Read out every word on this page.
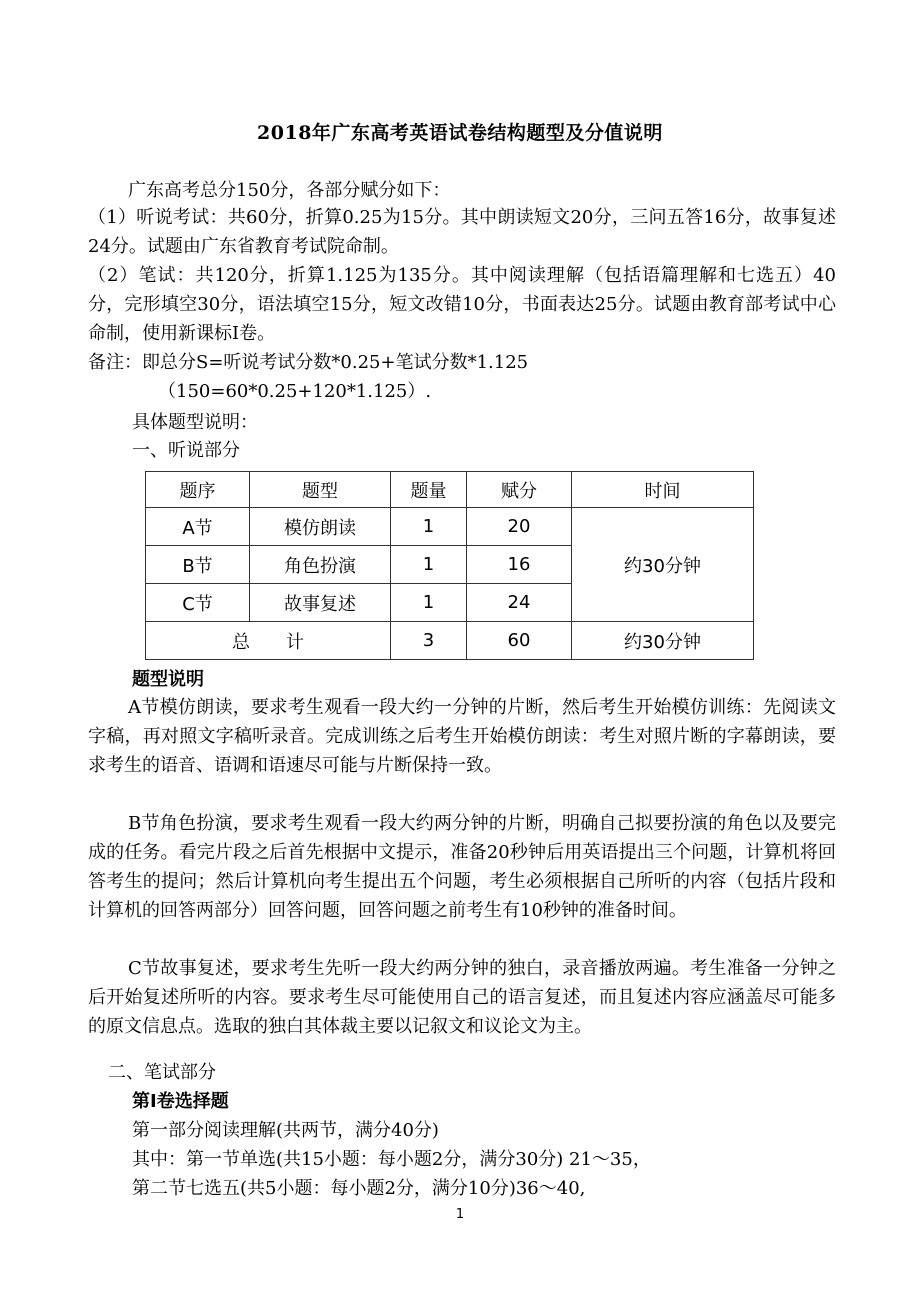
2018年广东高考英语试卷结构题型及分值说明
广东高考总分150分，各部分赋分如下：

（1）听说考试：共60分，折算0.25为15分。其中朗读短文20分，三问五答16分，故事复述24分。试题由广东省教育考试院命制。

（2）笔试：共120分，折算1.125为135分。其中阅读理解（包括语篇理解和七选五）40分，完形填空30分，语法填空15分，短文改错10分，书面表达25分。试题由教育部考试中心命制，使用新课标Ⅰ卷。

备注：即总分S=听说考试分数*0.25+笔试分数*1.125
（150=60*0.25+120*1.125）.
具体题型说明：
一、听说部分
题序	题型	题量	赋分	时间
A节	模仿朗读	1	20	约30分钟
B节	角色扮演	1	16	
C节	故事复述	1	24	
总　　计		3	60	约30分钟
题型说明

A节模仿朗读，要求考生观看一段大约一分钟的片断，然后考生开始模仿训练：先阅读文字稿，再对照文字稿听录音。完成训练之后考生开始模仿朗读：考生对照片断的字幕朗读，要求考生的语音、语调和语速尽可能与片断保持一致。

B节角色扮演，要求考生观看一段大约两分钟的片断，明确自己拟要扮演的角色以及要完成的任务。看完片段之后首先根据中文提示，准备20秒钟后用英语提出三个问题，计算机将回答考生的提问；然后计算机向考生提出五个问题，考生必须根据自己所听的内容（包括片段和计算机的回答两部分）回答问题，回答问题之前考生有10秒钟的准备时间。

C节故事复述，要求考生先听一段大约两分钟的独白，录音播放两遍。考生准备一分钟之后开始复述所听的内容。要求考生尽可能使用自己的语言复述，而且复述内容应涵盖尽可能多的原文信息点。选取的独白其体裁主要以记叙文和议论文为主。

二、笔试部分
第Ⅰ卷选择题
第一部分阅读理解(共两节，满分40分)
其中：第一节单选(共15小题：每小题2分，满分30分) 21～35，
第二节七选五(共5小题：每小题2分，满分10分)36～40,
1
